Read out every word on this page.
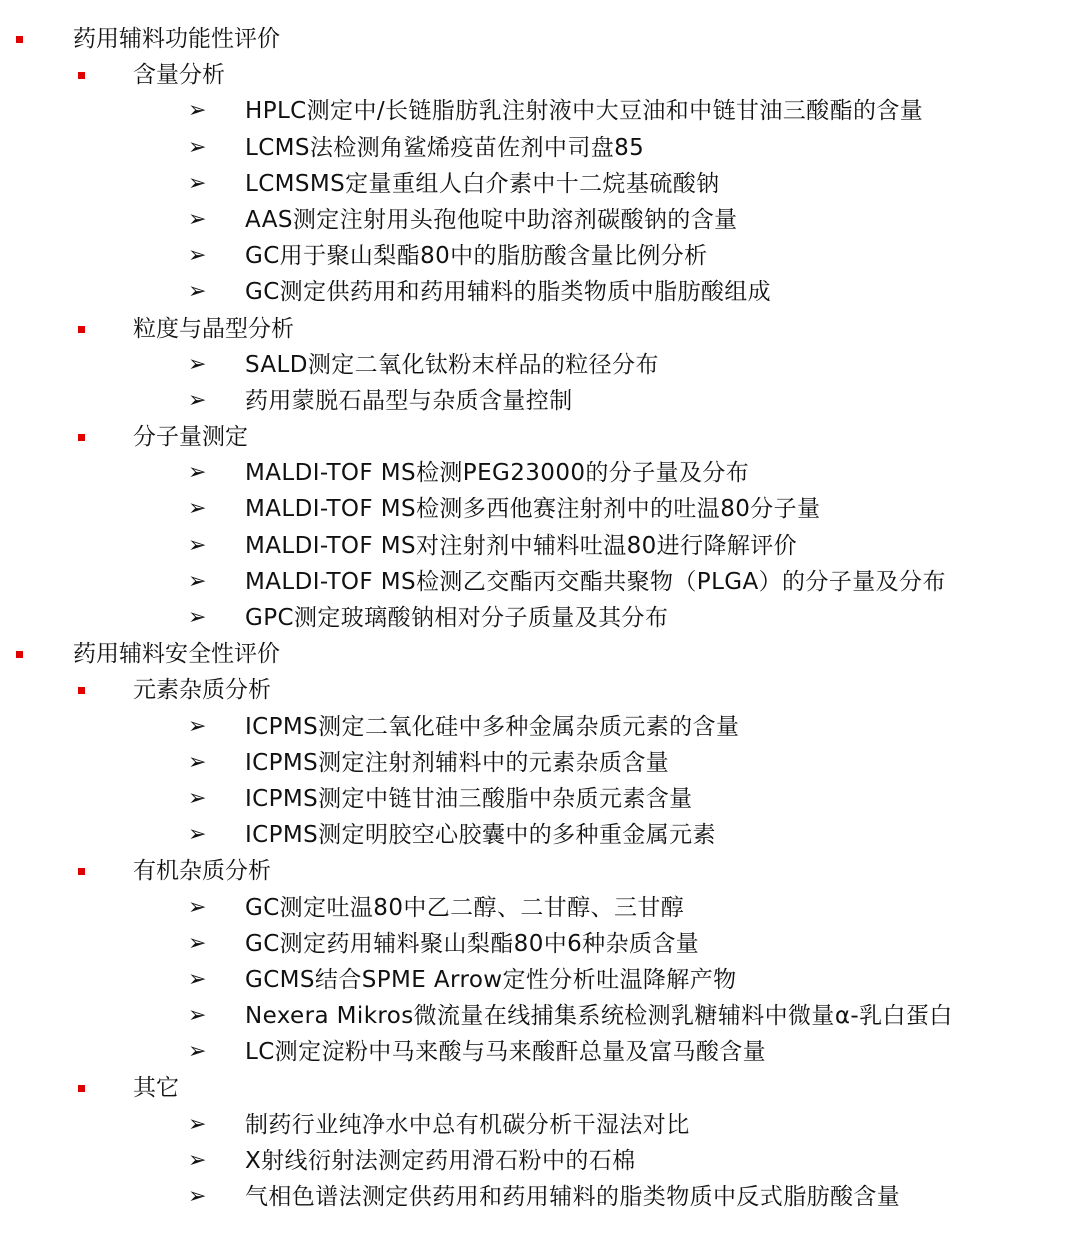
药用辅料功能性评价
含量分析
➢ HPLC测定中/长链脂肪乳注射液中大豆油和中链甘油三酸酯的含量
➢ LCMS法检测角鲨烯疫苗佐剂中司盘85
➢ LCMSMS定量重组人白介素中十二烷基硫酸钠
➢ AAS测定注射用头孢他啶中助溶剂碳酸钠的含量
➢ GC用于聚山梨酯80中的脂肪酸含量比例分析
➢ GC测定供药用和药用辅料的脂类物质中脂肪酸组成
粒度与晶型分析
➢ SALD测定二氧化钛粉末样品的粒径分布
➢ 药用蒙脱石晶型与杂质含量控制
分子量测定
➢ MALDI-TOF MS检测PEG23000的分子量及分布
➢ MALDI-TOF MS检测多西他赛注射剂中的吐温80分子量
➢ MALDI-TOF MS对注射剂中辅料吐温80进行降解评价
➢ MALDI-TOF MS检测乙交酯丙交酯共聚物（PLGA）的分子量及分布
➢ GPC测定玻璃酸钠相对分子质量及其分布
药用辅料安全性评价
元素杂质分析
➢ ICPMS测定二氧化硅中多种金属杂质元素的含量
➢ ICPMS测定注射剂辅料中的元素杂质含量
➢ ICPMS测定中链甘油三酸脂中杂质元素含量
➢ ICPMS测定明胶空心胶囊中的多种重金属元素
有机杂质分析
➢ GC测定吐温80中乙二醇、二甘醇、三甘醇
➢ GC测定药用辅料聚山梨酯80中6种杂质含量
➢ GCMS结合SPME Arrow定性分析吐温降解产物
➢ Nexera Mikros微流量在线捕集系统检测乳糖辅料中微量α-乳白蛋白
➢ LC测定淀粉中马来酸与马来酸酐总量及富马酸含量
其它
➢ 制药行业纯净水中总有机碳分析干湿法对比
➢ X射线衍射法测定药用滑石粉中的石棉
➢ 气相色谱法测定供药用和药用辅料的脂类物质中反式脂肪酸含量
